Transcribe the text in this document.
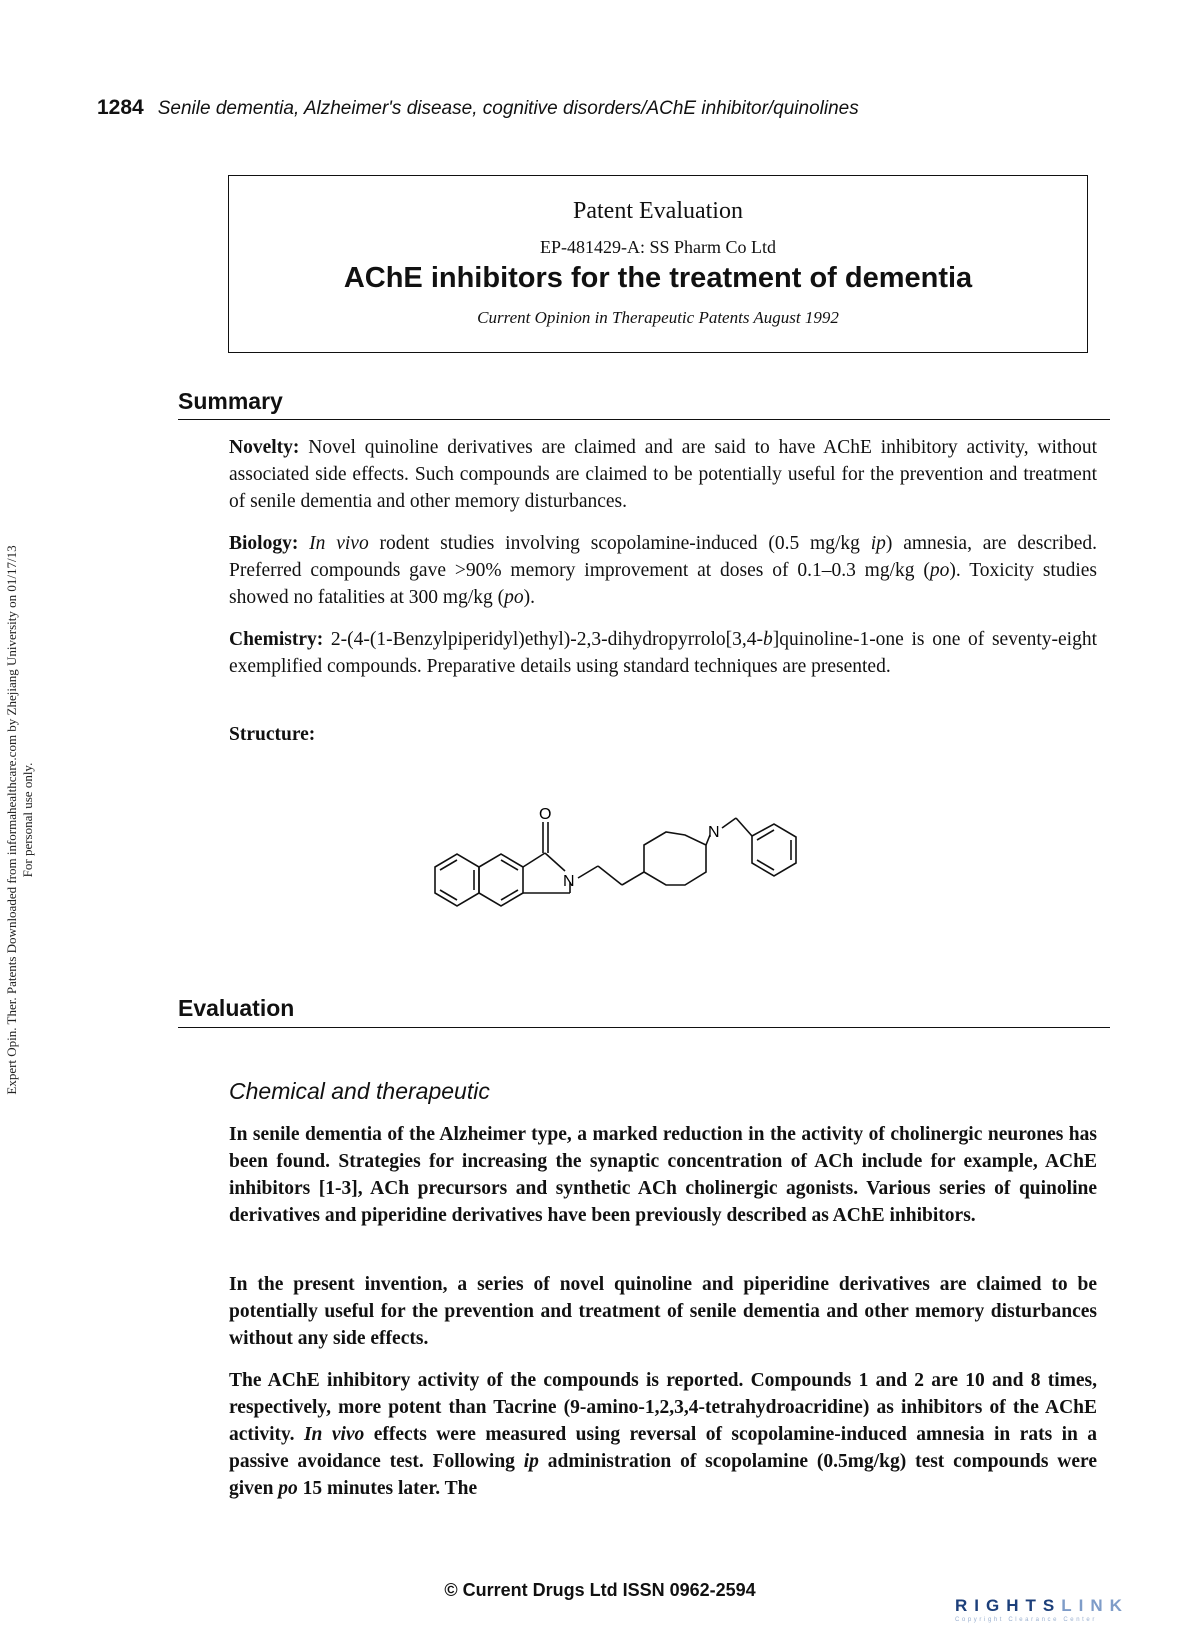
1284 Senile dementia, Alzheimer's disease, cognitive disorders/AChE inhibitor/quinolines
Expert Opin. Ther. Patents Downloaded from informahealthcare.com by Zhejiang University on 01/17/13 For personal use only.
Patent Evaluation
EP-481429-A: SS Pharm Co Ltd
AChE inhibitors for the treatment of dementia
Current Opinion in Therapeutic Patents August 1992
Summary
Novelty: Novel quinoline derivatives are claimed and are said to have AChE inhibitory activity, without associated side effects. Such compounds are claimed to be potentially useful for the prevention and treatment of senile dementia and other memory disturbances.
Biology: In vivo rodent studies involving scopolamine-induced (0.5 mg/kg ip) amnesia, are described. Preferred compounds gave >90% memory improvement at doses of 0.1–0.3 mg/kg (po). Toxicity studies showed no fatalities at 300 mg/kg (po).
Chemistry: 2-(4-(1-Benzylpiperidyl)ethyl)-2,3-dihydropyrrolo[3,4-b]quinoline-1-one is one of seventy-eight exemplified compounds. Preparative details using standard techniques are presented.
Structure:
O
N
N
Evaluation
Chemical and therapeutic
In senile dementia of the Alzheimer type, a marked reduction in the activity of cholinergic neurones has been found. Strategies for increasing the synaptic concentration of ACh include for example, AChE inhibitors [1-3], ACh precursors and synthetic ACh cholinergic agonists. Various series of quinoline derivatives and piperidine derivatives have been previously described as AChE inhibitors.
In the present invention, a series of novel quinoline and piperidine derivatives are claimed to be potentially useful for the prevention and treatment of senile dementia and other memory disturbances without any side effects.
The AChE inhibitory activity of the compounds is reported. Compounds 1 and 2 are 10 and 8 times, respectively, more potent than Tacrine (9-amino-1,2,3,4-tetrahydroacridine) as inhibitors of the AChE activity. In vivo effects were measured using reversal of scopolamine-induced amnesia in rats in a passive avoidance test. Following ip administration of scopolamine (0.5mg/kg) test compounds were given po 15 minutes later. The
© Current Drugs Ltd ISSN 0962-2594
RIGHTSLINK
Copyright Clearance Center
